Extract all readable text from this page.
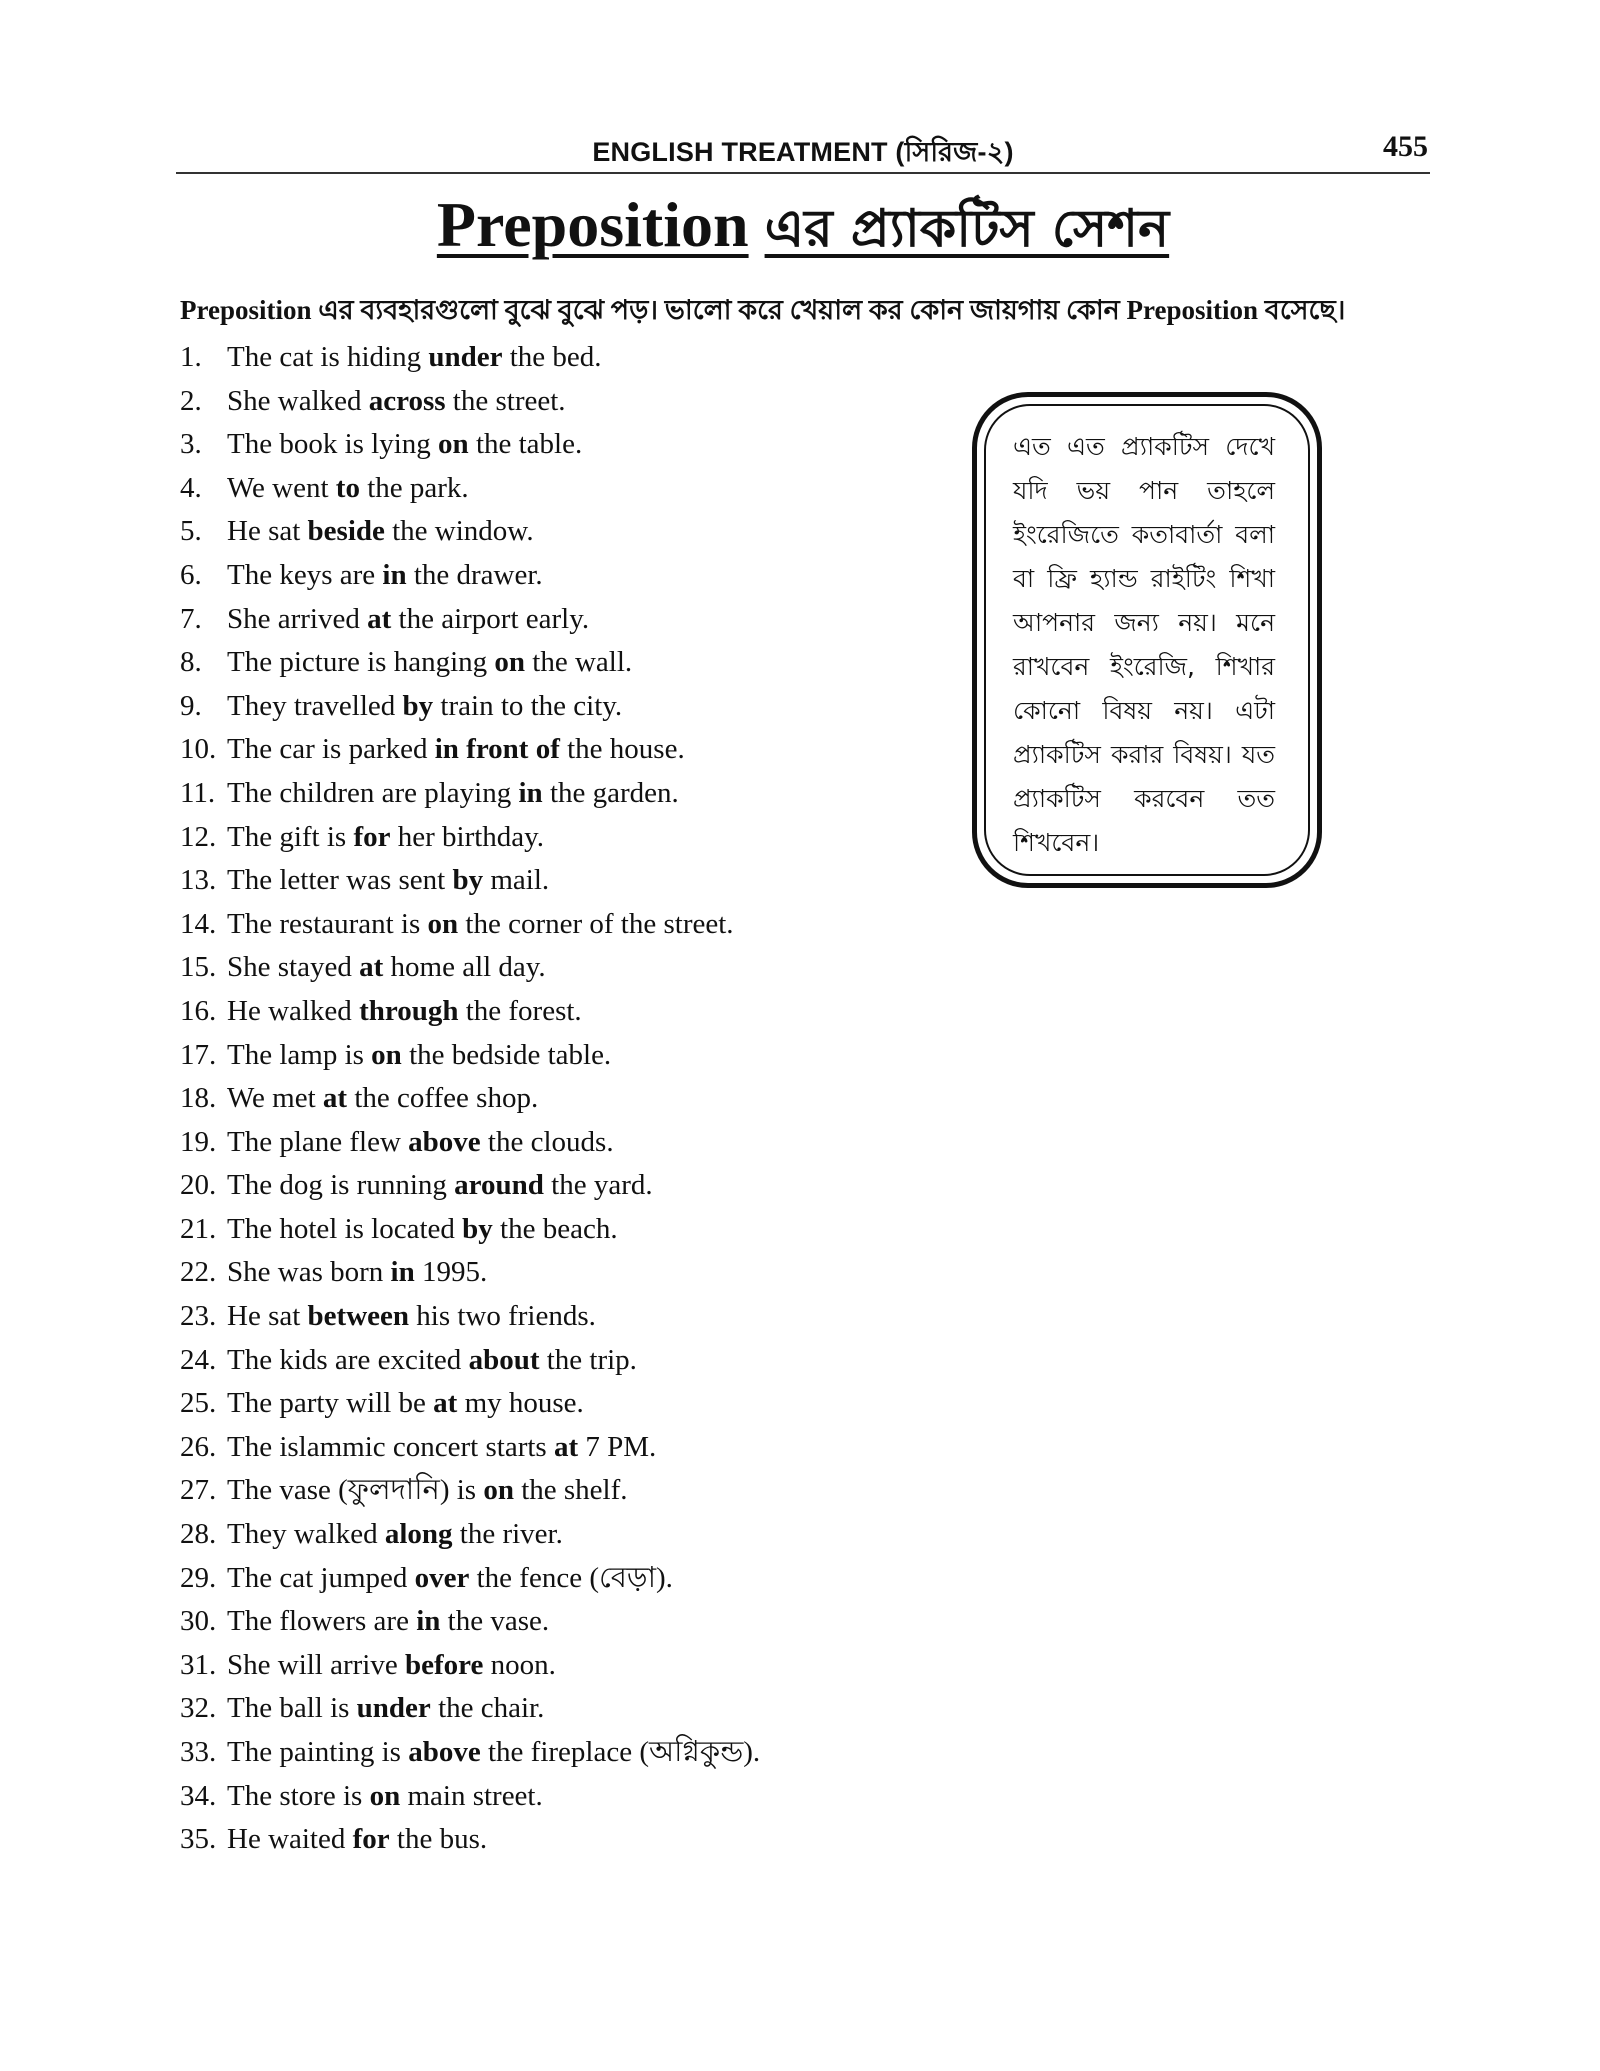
ENGLISH TREATMENT (সিরিজ-২)	455
Preposition এর প্র্যাকটিস সেশন
Preposition এর ব্যবহারগুলো বুঝে বুঝে পড়। ভালো করে খেয়াল কর কোন জায়গায় কোন Preposition বসেছে।
1. The cat is hiding under the bed.
2. She walked across the street.
3. The book is lying on the table.
4. We went to the park.
5. He sat beside the window.
6. The keys are in the drawer.
7. She arrived at the airport early.
8. The picture is hanging on the wall.
9. They travelled by train to the city.
10. The car is parked in front of the house.
11. The children are playing in the garden.
12. The gift is for her birthday.
13. The letter was sent by mail.
14. The restaurant is on the corner of the street.
15. She stayed at home all day.
16. He walked through the forest.
17. The lamp is on the bedside table.
18. We met at the coffee shop.
19. The plane flew above the clouds.
20. The dog is running around the yard.
21. The hotel is located by the beach.
22. She was born in 1995.
23. He sat between his two friends.
24. The kids are excited about the trip.
25. The party will be at my house.
26. The islammic concert starts at 7 PM.
27. The vase (ফুলদানি) is on the shelf.
28. They walked along the river.
29. The cat jumped over the fence (বেড়া).
30. The flowers are in the vase.
31. She will arrive before noon.
32. The ball is under the chair.
33. The painting is above the fireplace (অগ্নিকুন্ড).
34. The store is on main street.
35. He waited for the bus.
এত এত প্র্যাকটিস দেখে যদি ভয় পান তাহলে ইংরেজিতে কতাবার্তা বলা বা ফ্রি হ্যান্ড রাইটিং শিখা আপনার জন্য নয়। মনে রাখবেন ইংরেজি, শিখার কোনো বিষয় নয়। এটা প্র্যাকটিস করার বিষয়। যত প্র্যাকটিস করবেন তত শিখবেন।
